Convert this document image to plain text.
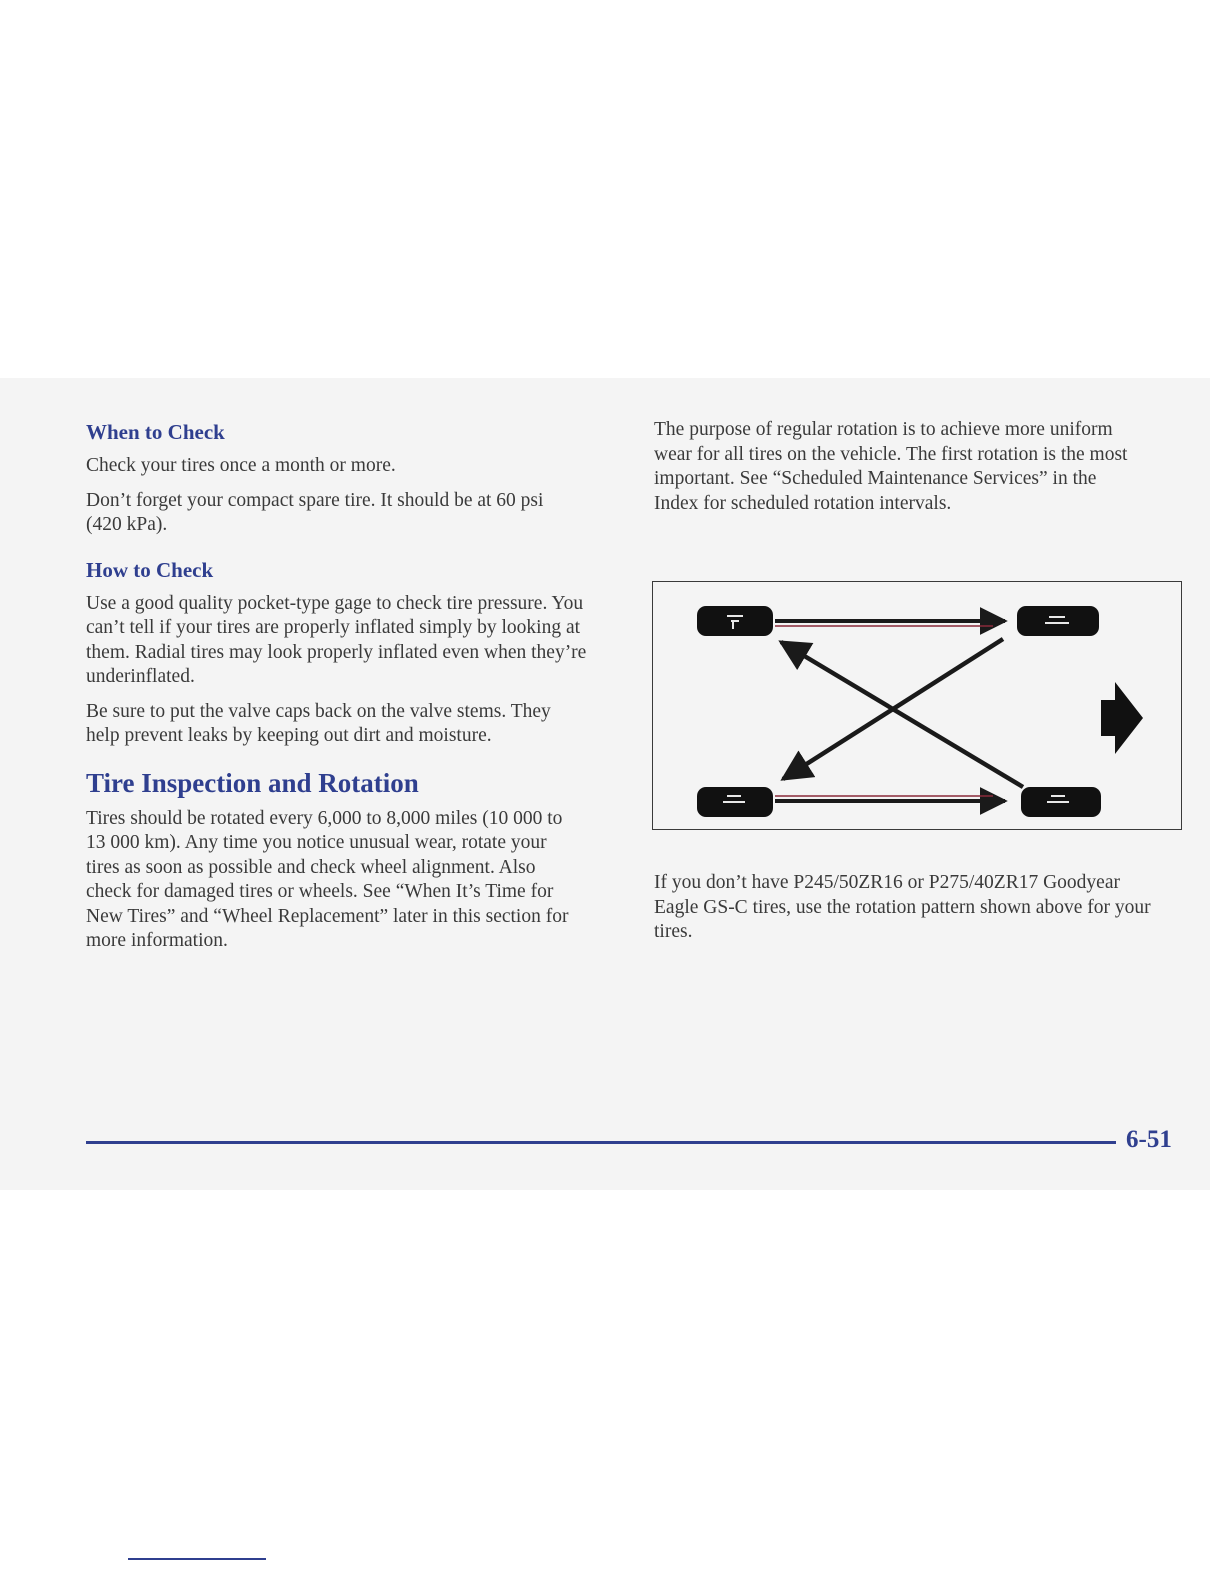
When to Check

Check your tires once a month or more.

Don’t forget your compact spare tire. It should be at 60 psi (420 kPa).

How to Check

Use a good quality pocket-type gage to check tire pressure. You can’t tell if your tires are properly inflated simply by looking at them. Radial tires may look properly inflated even when they’re underinflated.

Be sure to put the valve caps back on the valve stems. They help prevent leaks by keeping out dirt and moisture.

Tire Inspection and Rotation

Tires should be rotated every 6,000 to 8,000 miles (10 000 to 13 000 km). Any time you notice unusual wear, rotate your tires as soon as possible and check wheel alignment. Also check for damaged tires or wheels. See “When It’s Time for New Tires” and “Wheel Replacement” later in this section for more information.

The purpose of regular rotation is to achieve more uniform wear for all tires on the vehicle. The first rotation is the most important. See “Scheduled Maintenance Services” in the Index for scheduled rotation intervals.

If you don’t have P245/50ZR16 or P275/40ZR17 Goodyear Eagle GS-C tires, use the rotation pattern shown above for your tires.

6-51
